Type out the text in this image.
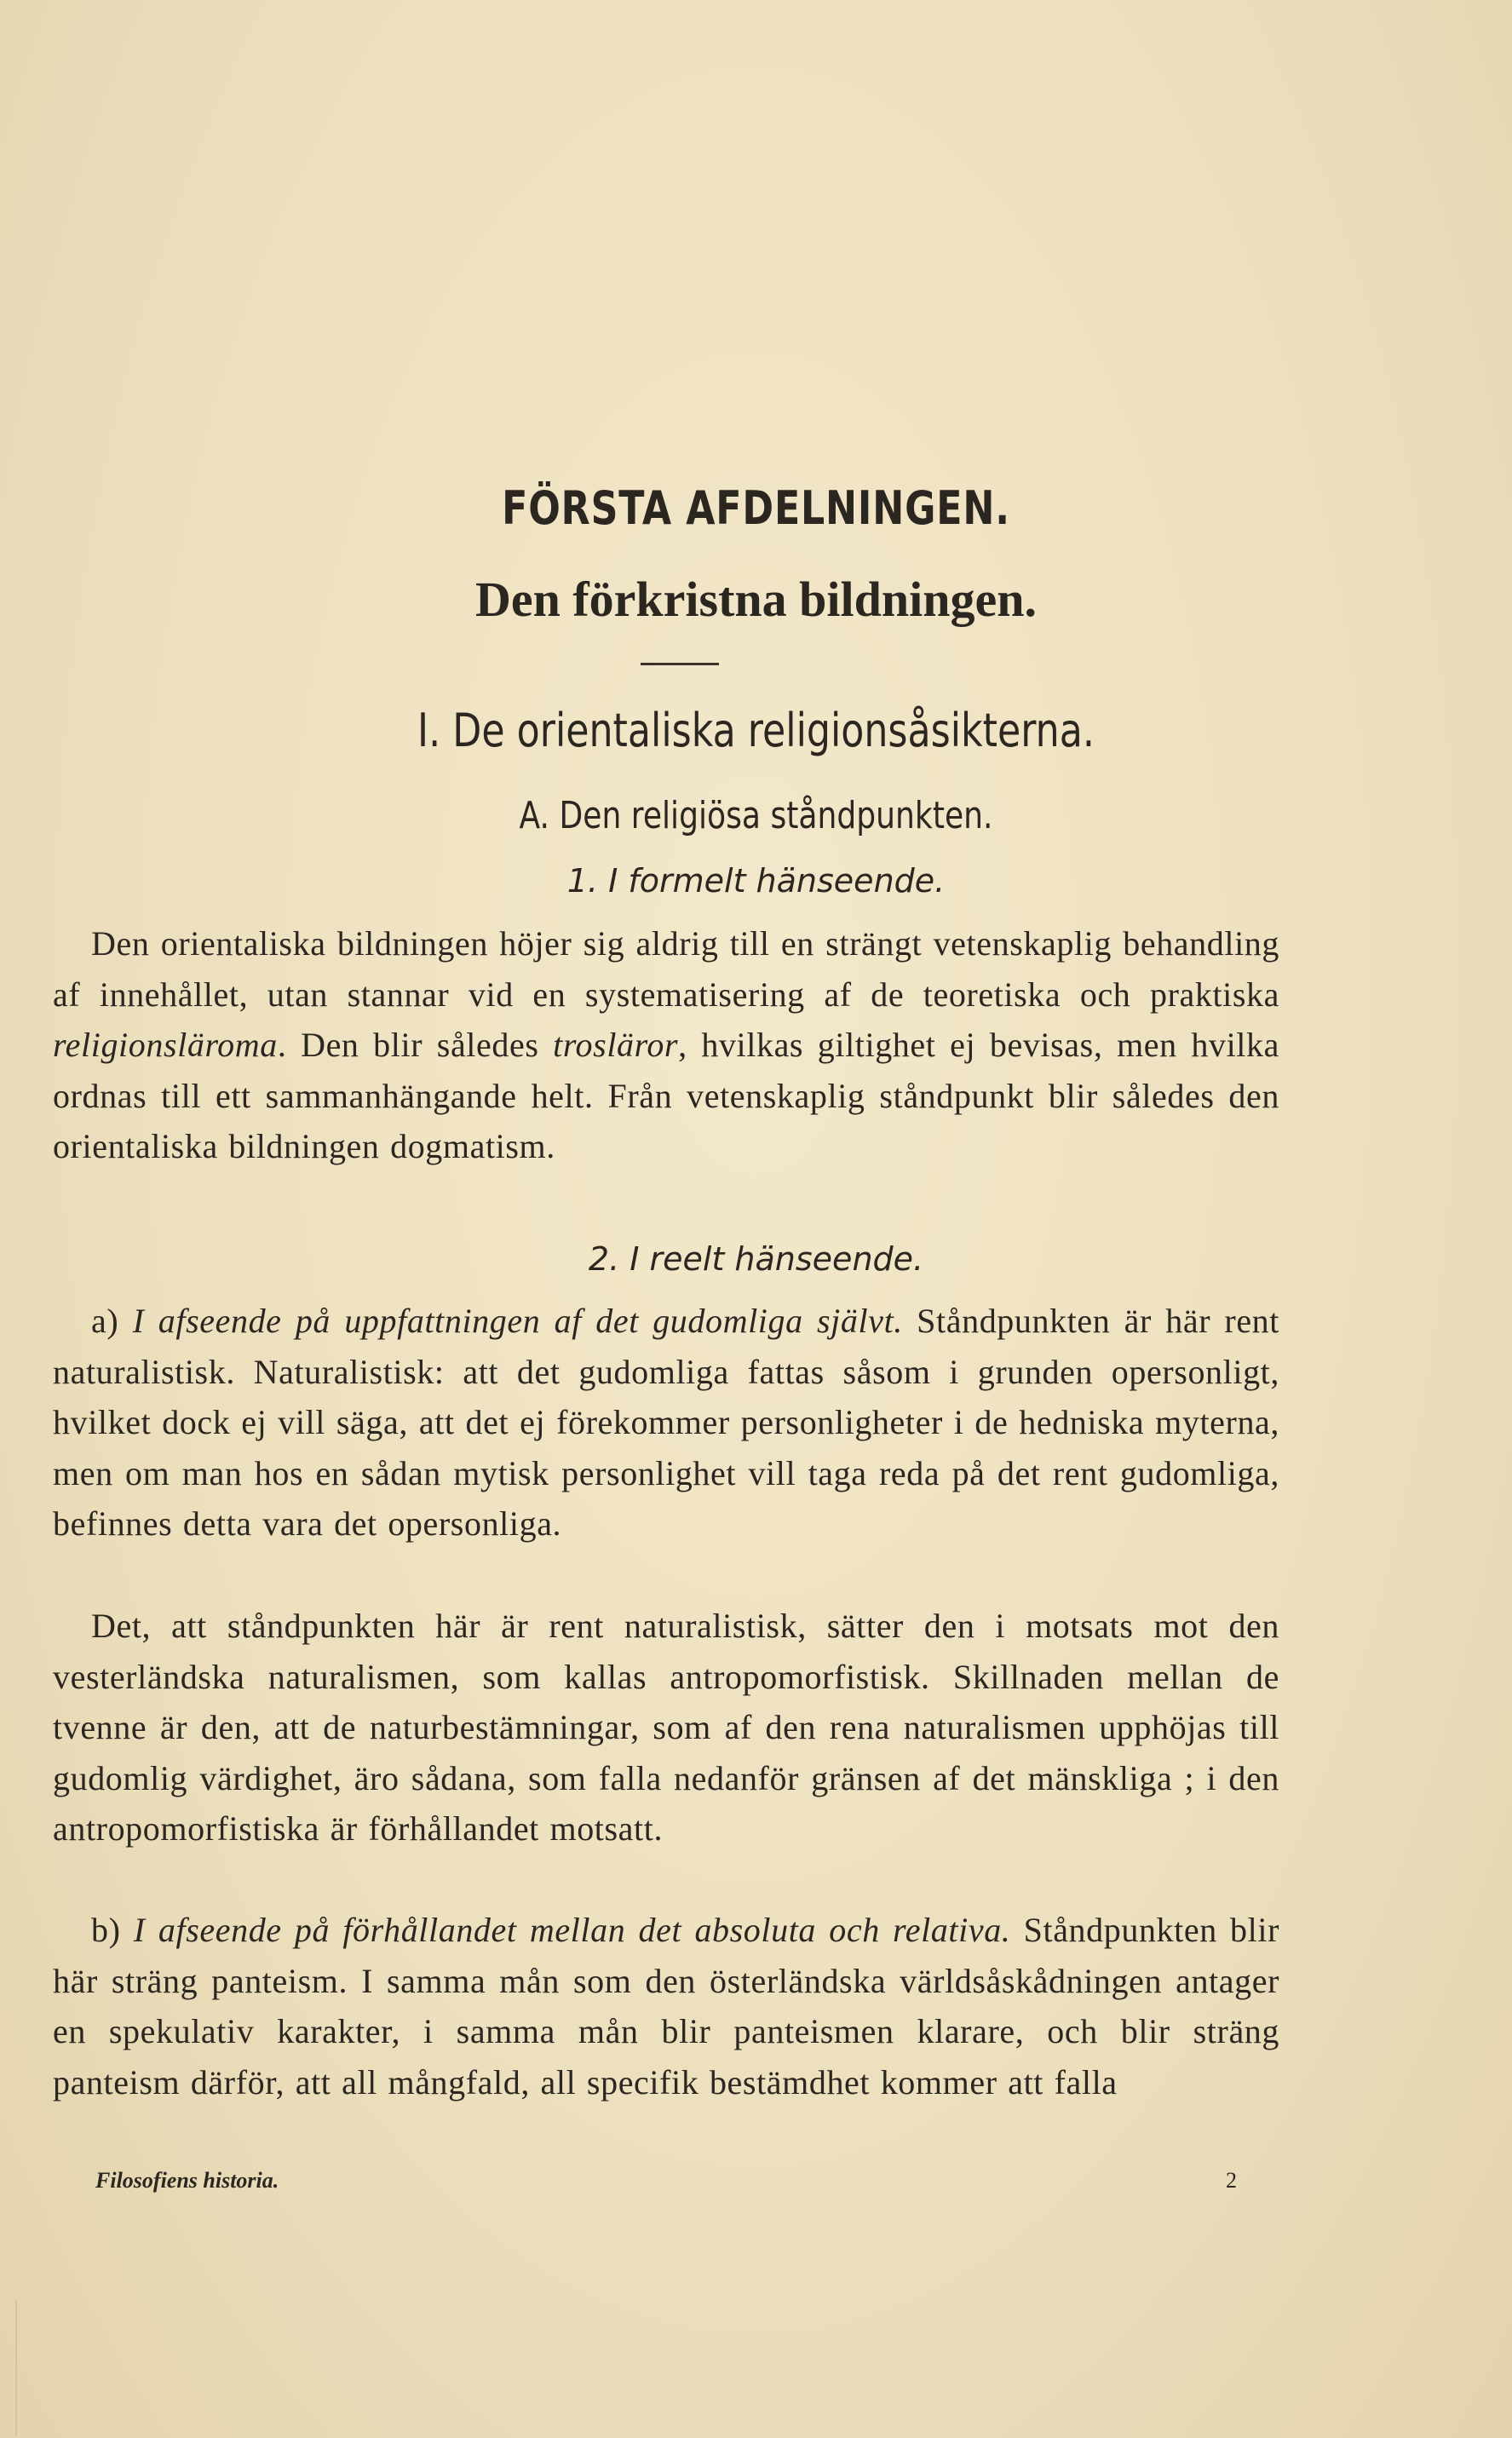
FÖRSTA AFDELNINGEN.
Den förkristna bildningen.
I. De orientaliska religionsåsikterna.
A. Den religiösa ståndpunkten.
1. I formelt hänseende.
Den orientaliska bildningen höjer sig aldrig till en strängt vetenskaplig behandling af innehållet, utan stannar vid en systematisering af de teoretiska och praktiska religionsläroma. Den blir således trosläror, hvilkas giltighet ej bevisas, men hvilka ordnas till ett sammanhängande helt. Från vetenskaplig ståndpunkt blir således den orientaliska bildningen dogmatism.
2. I reelt hänseende.
a) I afseende på uppfattningen af det gudomliga självt. Ståndpunkten är här rent naturalistisk. Naturalistisk: att det gudomliga fattas såsom i grunden opersonligt, hvilket dock ej vill säga, att det ej förekommer personligheter i de hedniska myterna, men om man hos en sådan mytisk personlighet vill taga reda på det rent gudomliga, befinnes detta vara det opersonliga.
Det, att ståndpunkten här är rent naturalistisk, sätter den i motsats mot den vesterländska naturalismen, som kallas antropomorfistisk. Skillnaden mellan de tvenne är den, att de naturbestämningar, som af den rena naturalismen upphöjas till gudomlig värdighet, äro sådana, som falla nedanför gränsen af det mänskliga ; i den antropomorfistiska är förhållandet motsatt.
b) I afseende på förhållandet mellan det absoluta och relativa. Ståndpunkten blir här sträng panteism. I samma mån som den österländska världsåskådningen antager en spekulativ karakter, i samma mån blir panteismen klarare, och blir sträng panteism därför, att all mångfald, all specifik bestämdhet kommer att falla
Filosofiens historia.	2
